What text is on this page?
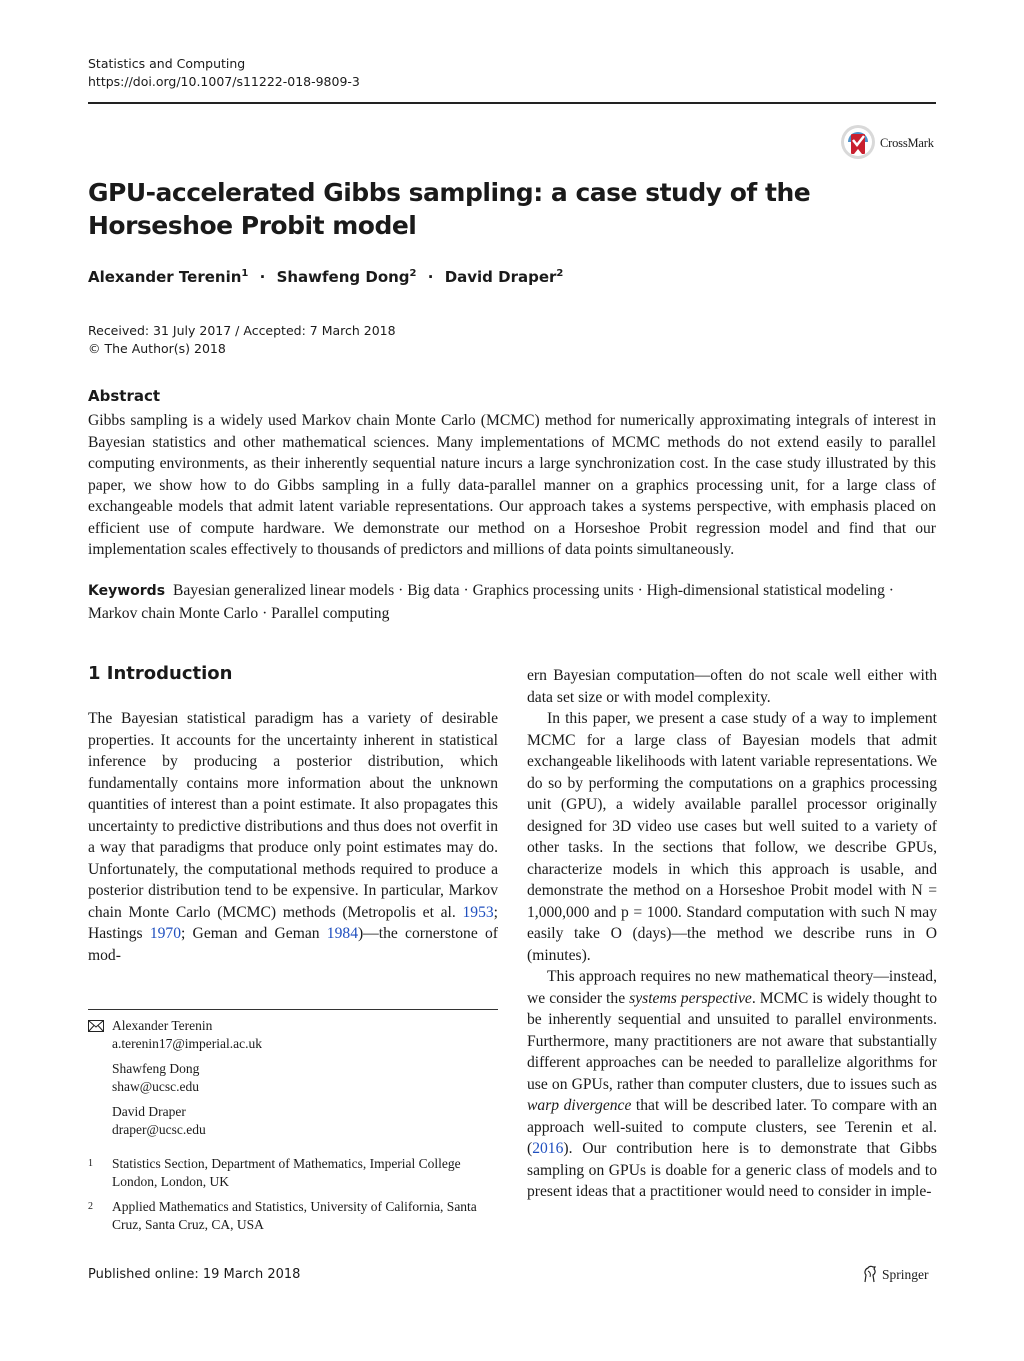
Statistics and Computing
https://doi.org/10.1007/s11222-018-9809-3
CrossMark
GPU-accelerated Gibbs sampling: a case study of the Horseshoe Probit model
Alexander Terenin$^1$ · Shawfeng Dong$^2$ · David Draper$^2$
Received: 31 July 2017 / Accepted: 7 March 2018
© The Author(s) 2018
Abstract
Gibbs sampling is a widely used Markov chain Monte Carlo (MCMC) method for numerically approximating integrals of interest in Bayesian statistics and other mathematical sciences. Many implementations of MCMC methods do not extend easily to parallel computing environments, as their inherently sequential nature incurs a large synchronization cost. In the case study illustrated by this paper, we show how to do Gibbs sampling in a fully data-parallel manner on a graphics processing unit, for a large class of exchangeable models that admit latent variable representations. Our approach takes a systems perspective, with emphasis placed on efficient use of compute hardware. We demonstrate our method on a Horseshoe Probit regression model and find that our implementation scales effectively to thousands of predictors and millions of data points simultaneously.
Keywords Bayesian generalized linear models · Big data · Graphics processing units · High-dimensional statistical modeling · Markov chain Monte Carlo · Parallel computing
1 Introduction
The Bayesian statistical paradigm has a variety of desirable properties. It accounts for the uncertainty inherent in statistical inference by producing a posterior distribution, which fundamentally contains more information about the unknown quantities of interest than a point estimate. It also propagates this uncertainty to predictive distributions and thus does not overfit in a way that paradigms that produce only point estimates may do. Unfortunately, the computational methods required to produce a posterior distribution tend to be expensive. In particular, Markov chain Monte Carlo (MCMC) methods (Metropolis et al. 1953; Hastings 1970; Geman and Geman 1984)—the cornerstone of mod-

ern Bayesian computation—often do not scale well either with data set size or with model complexity.

In this paper, we present a case study of a way to implement MCMC for a large class of Bayesian models that admit exchangeable likelihoods with latent variable representations. We do so by performing the computations on a graphics processing unit (GPU), a widely available parallel processor originally designed for 3D video use cases but well suited to a variety of other tasks. In the sections that follow, we describe GPUs, characterize models in which this approach is usable, and demonstrate the method on a Horseshoe Probit model with N = 1,000,000 and p = 1000. Standard computation with such N may easily take O (days)—the method we describe runs in O (minutes).

This approach requires no new mathematical theory—instead, we consider the systems perspective. MCMC is widely thought to be inherently sequential and unsuited to parallel environments. Furthermore, many practitioners are not aware that substantially different approaches can be needed to parallelize algorithms for use on GPUs, rather than computer clusters, due to issues such as warp divergence that will be described later. To compare with an approach well-suited to compute clusters, see Terenin et al. (2016). Our contribution here is to demonstrate that Gibbs sampling on GPUs is doable for a generic class of models and to present ideas that a practitioner would need to consider in imple-

Alexander Terenin
a.terenin17@imperial.ac.uk
Shawfeng Dong
shaw@ucsc.edu
David Draper
draper@ucsc.edu
1 Statistics Section, Department of Mathematics, Imperial College London, London, UK
2 Applied Mathematics and Statistics, University of California, Santa Cruz, Santa Cruz, CA, USA
Published online: 19 March 2018	Springer
